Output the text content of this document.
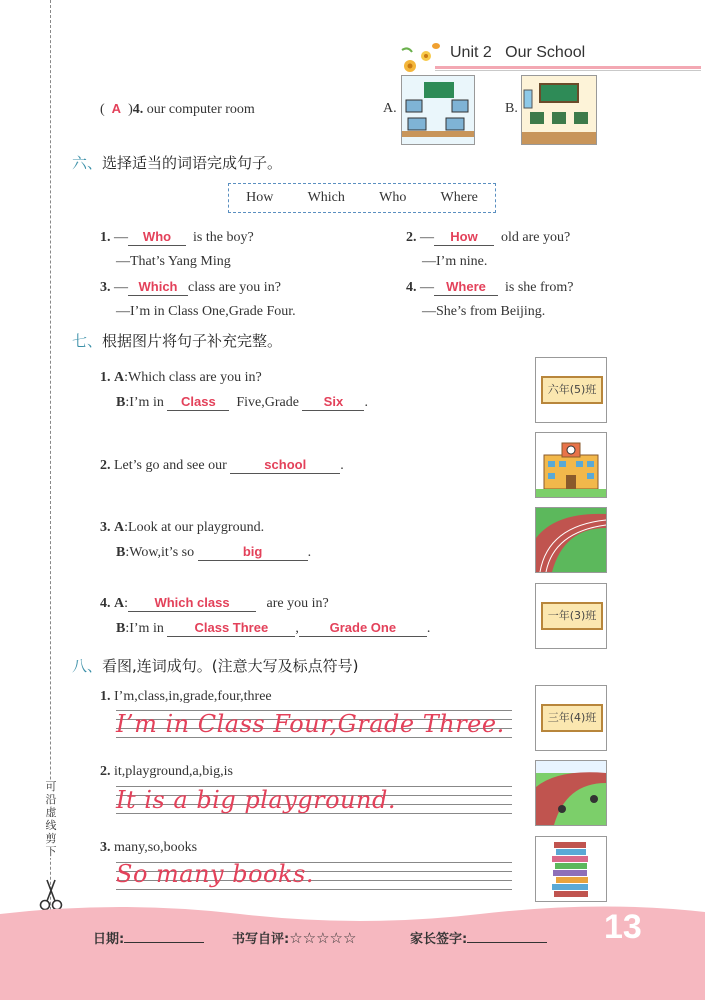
可
沿
虚
线
剪
下
Unit 2 Our School
( A )4. our computer room	A.	B.
六、选择适当的词语完成句子。
How Which Who Where
1. — Who is the boy?
—That’s Yang Ming
2. — How old are you?
—I’m nine.
3. — Which class are you in?
—I’m in Class One,Grade Four.
4. — Where is she from?
—She’s from Beijing.
七、根据图片将句子补充完整。
1. A:Which class are you in?
B:I’m in Class Five,Grade Six .
六年(5)班
2. Let’s go and see our	school .
3. A:Look at our playground.
B:Wow,it’s so	big	.
4. A: Which class	are you in?
B:I’m in Class Three , Grade One .
一年(3)班
八、看图,连词成句。(注意大写及标点符号)
1. I’m,class,in,grade,four,three
I’m in Class Four,Grade Three.	三年(4)班
2. it,playground,a,big,is
It is a big playground.
3. many,so,books
So many books.
日期:	书写自评:☆☆☆☆☆	家长签字:	13
